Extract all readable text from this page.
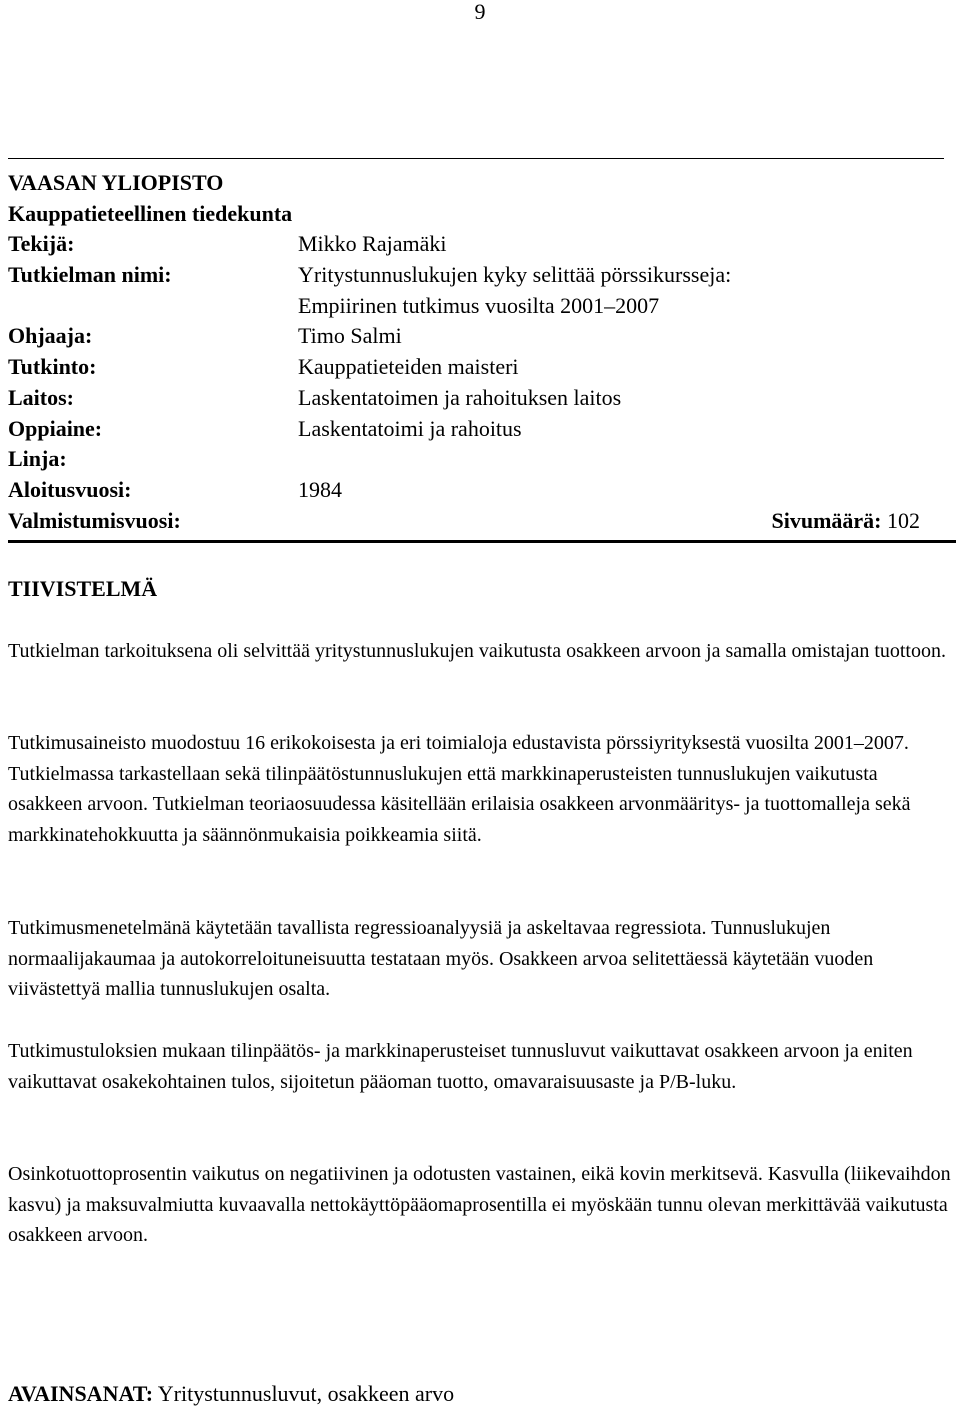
9
VAASAN YLIOPISTO
Kauppatieteellinen tiedekunta
Tekijä:	Mikko Rajamäki
Tutkielman nimi:	Yritystunnuslukujen kyky selittää pörssikursseja:
Empiirinen tutkimus vuosilta 2001–2007
Ohjaaja:	Timo Salmi
Tutkinto:	Kauppatieteiden maisteri
Laitos:	Laskentatoimen ja rahoituksen laitos
Oppiaine:	Laskentatoimi ja rahoitus
Linja:
Aloitusvuosi:	1984
Valmistumisvuosi:	Sivumäärä: 102
TIIVISTELMÄ

Tutkielman tarkoituksena oli selvittää yritystunnuslukujen vaikutusta osakkeen arvoon ja samalla omistajan tuottoon.

Tutkimusaineisto muodostuu 16 erikokoisesta ja eri toimialoja edustavista pörssiyrityksestä vuosilta 2001–2007. Tutkielmassa tarkastellaan sekä tilinpäätöstunnuslukujen että markkinaperusteisten tunnuslukujen vaikutusta osakkeen arvoon. Tutkielman teoriaosuudessa käsitellään erilaisia osakkeen arvonmääritys- ja tuottomalleja sekä markkinatehokkuutta ja säännönmukaisia poikkeamia siitä.

Tutkimusmenetelmänä käytetään tavallista regressioanalyysiä ja askeltavaa regressiota. Tunnuslukujen normaalijakaumaa ja autokorreloituneisuutta testataan myös. Osakkeen arvoa selitettäessä käytetään vuoden viivästettyä mallia tunnuslukujen osalta.

Tutkimustuloksien mukaan tilinpäätös- ja markkinaperusteiset tunnusluvut vaikuttavat osakkeen arvoon ja eniten vaikuttavat osakekohtainen tulos, sijoitetun pääoman tuotto, omavaraisuusaste ja P/B-luku.

Osinkotuottoprosentin vaikutus on negatiivinen ja odotusten vastainen, eikä kovin merkitsevä. Kasvulla (liikevaihdon kasvu) ja maksuvalmiutta kuvaavalla nettokäyttöpääomaprosentilla ei myöskään tunnu olevan merkittävää vaikutusta osakkeen arvoon.

AVAINSANAT: Yritystunnusluvut, osakkeen arvo
